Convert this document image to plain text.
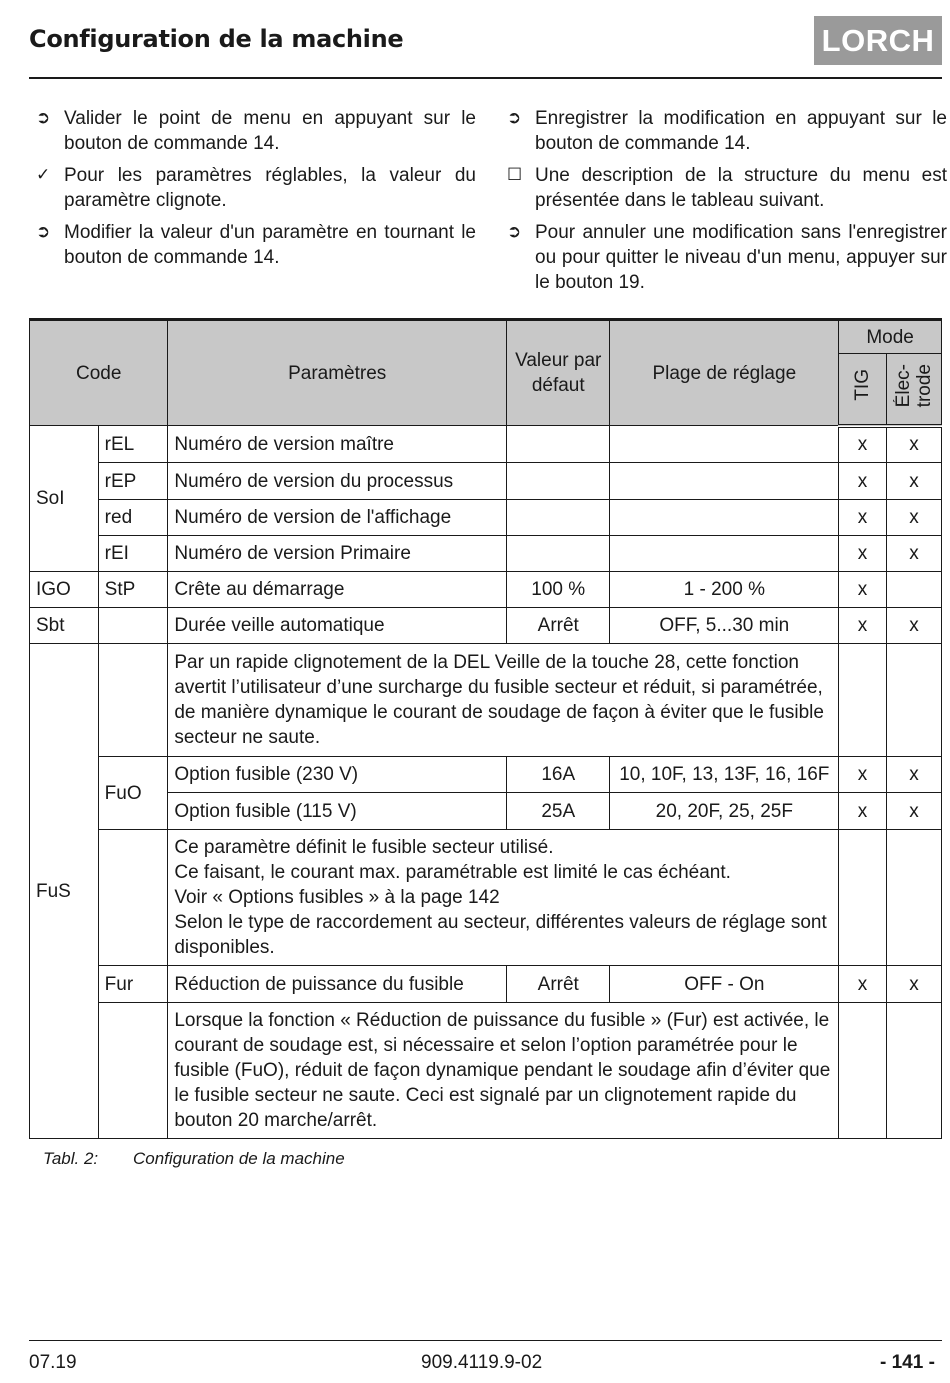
Configuration de la machine	LORCH
➲ Valider le point de menu en appuyant sur le bouton de commande 14.
✓ Pour les paramètres réglables, la valeur du paramètre clignote.
➲ Modifier la valeur d'un paramètre en tournant le bouton de commande 14.
➲ Enregistrer la modification en appuyant sur le bouton de commande 14.
☐ Une description de la structure du menu est présentée dans le tableau suivant.
➲ Pour annuler une modification sans l'enregistrer ou pour quitter le niveau d'un menu, appuyer sur le bouton 19.
Code		Paramètres	Valeur par défaut	Plage de réglage	Mode	
					TIG	Élec-
trode
SoI	rEL	Numéro de version maître			x	x
	rEP	Numéro de version du processus			x	x
	red	Numéro de version de l'affichage			x	x
	rEI	Numéro de version Primaire			x	x
IGO	StP	Crête au démarrage	100 %	1 - 200 %	x	
Sbt		Durée veille automatique	Arrêt	OFF, 5...30 min	x	x
FuS		Par un rapide clignotement de la DEL Veille de la touche 28, cette fonction avertit l’utilisateur d’une surcharge du fusible secteur et réduit, si paramétrée, de manière dynamique le courant de soudage de façon à éviter que le fusible secteur ne saute.				
	FuO	Option fusible (230 V)	16A	10, 10F, 13, 13F, 16, 16F	x	x
		Option fusible (115 V)	25A	20, 20F, 25, 25F	x	x

		Ce paramètre définit le fusible secteur utilisé.
Ce faisant, le courant max. paramétrable est limité le cas échéant.
Voir « Options fusibles » à la page 142
Selon le type de raccordement au secteur, différentes valeurs de réglage sont disponibles.				

	Fur	Réduction de puissance du fusible	Arrêt	OFF - On	x	x
		Lorsque la fonction « Réduction de puissance du fusible » (Fur) est activée, le courant de soudage est, si nécessaire et selon l’option paramétrée pour le fusible (FuO), réduit de façon dynamique pendant le soudage afin d’éviter que le fusible secteur ne saute. Ceci est signalé par un clignotement rapide du bouton 20 marche/arrêt.				
Tabl. 2: Configuration de la machine
07.19	909.4119.9-02	- 141 -
